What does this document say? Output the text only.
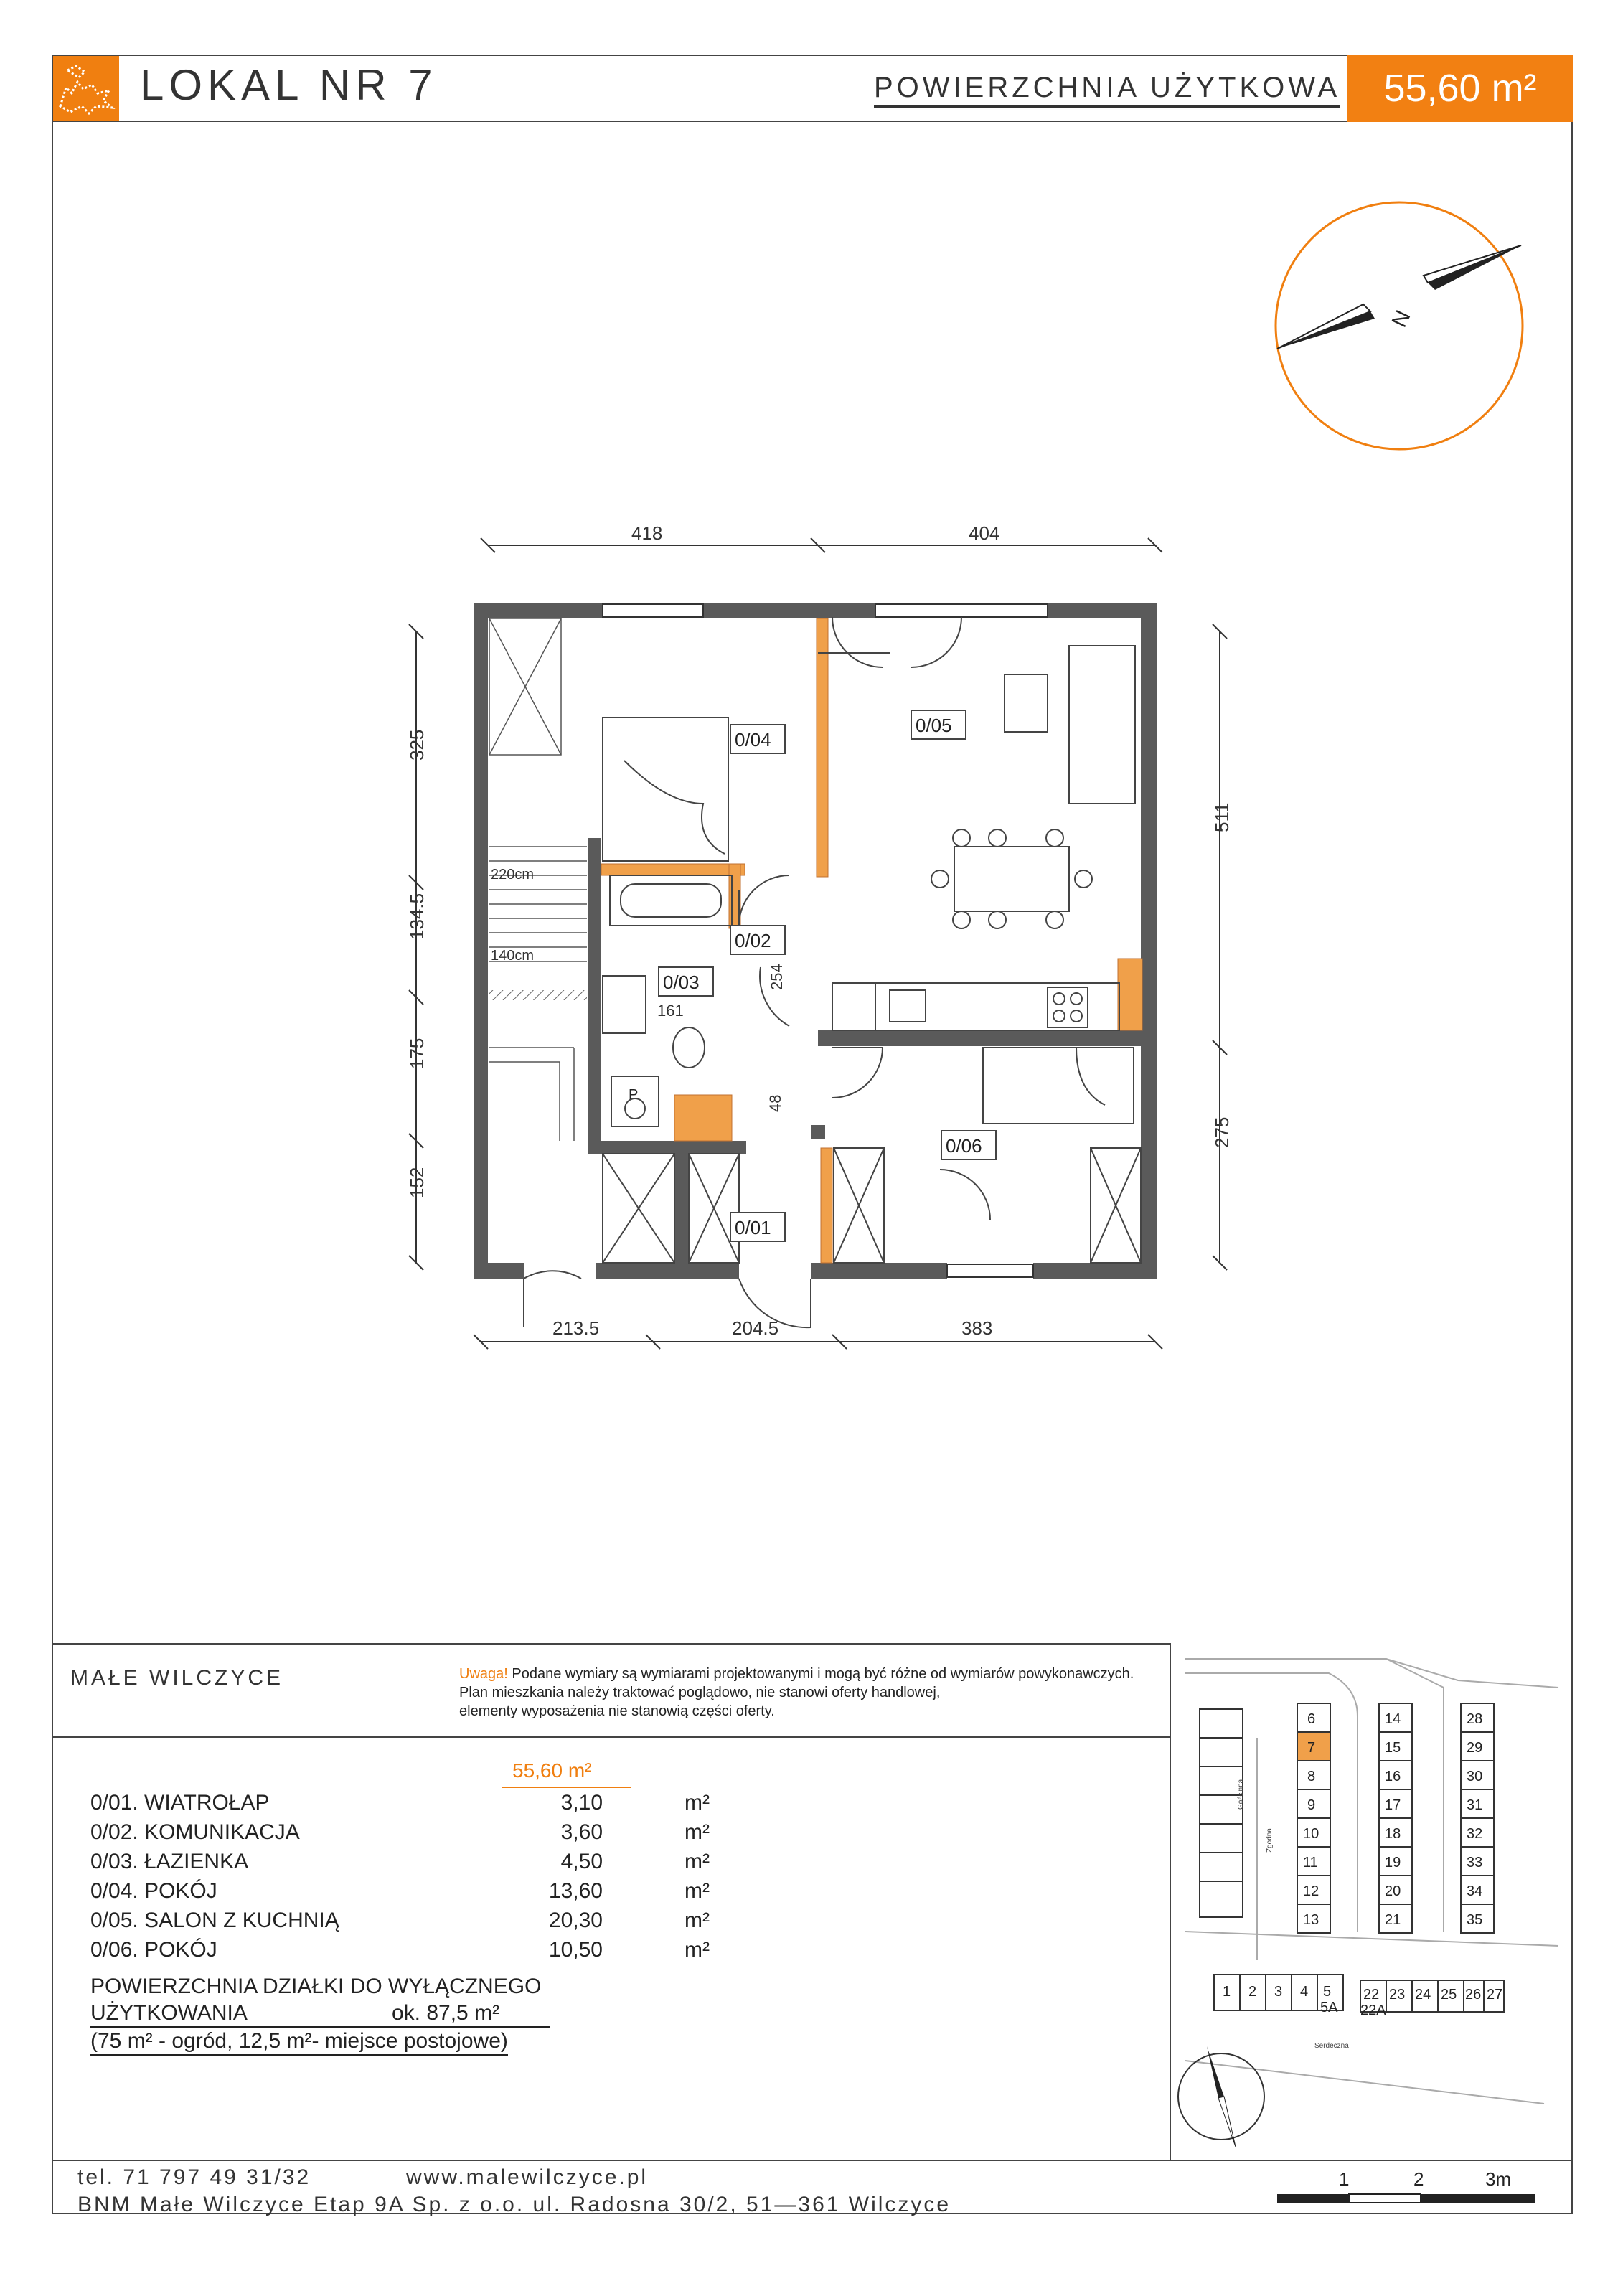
LOKAL NR 7	POWIERZCHNIA UŻYTKOWA	55,60 m²
N
418	404
213.5	204.5	383
325
134.5
175
152
511
275
220cm
140cm
P
0/04
0/05
0/02
0/03
0/06
0/01
254
48
161
MAŁE WILCZYCE	Uwaga! Podane wymiary są wymiarami projektowanymi i mogą być różne od wymiarów powykonawczych.
Plan mieszkania należy traktować poglądowo, nie stanowi oferty handlowej,
elementy wyposażenia nie stanowią części oferty.
55,60 m²
0/01. WIATROŁAP	3,10	m²
0/02. KOMUNIKACJA	3,60	m²
0/03. ŁAZIENKA	4,50	m²
0/04. POKÓJ	13,60	m²
0/05. SALON Z KUCHNIĄ	20,30	m²
0/06. POKÓJ	10,50	m²
POWIERZCHNIA DZIAŁKI DO WYŁĄCZNEGO
UŻYTKOWANIA	ok. 87,5 m²
(75 m² - ogród, 12,5 m²- miejsce postojowe)
6
7
8
9
10
11
12
13
14
15
16
17
18
19
20
21
28
29
30
31
32
33
34
35
1 2 3 4 5
5A
22 23 24 25 26 27
22A
Zgodna
Serdeczna
Gościnna
tel. 71 797 49 31/32	www.malewilczyce.pl
BNM Małe Wilczyce Etap 9A Sp. z o.o. ul. Radosna 30/2, 51—361 Wilczyce
1	2	3m
